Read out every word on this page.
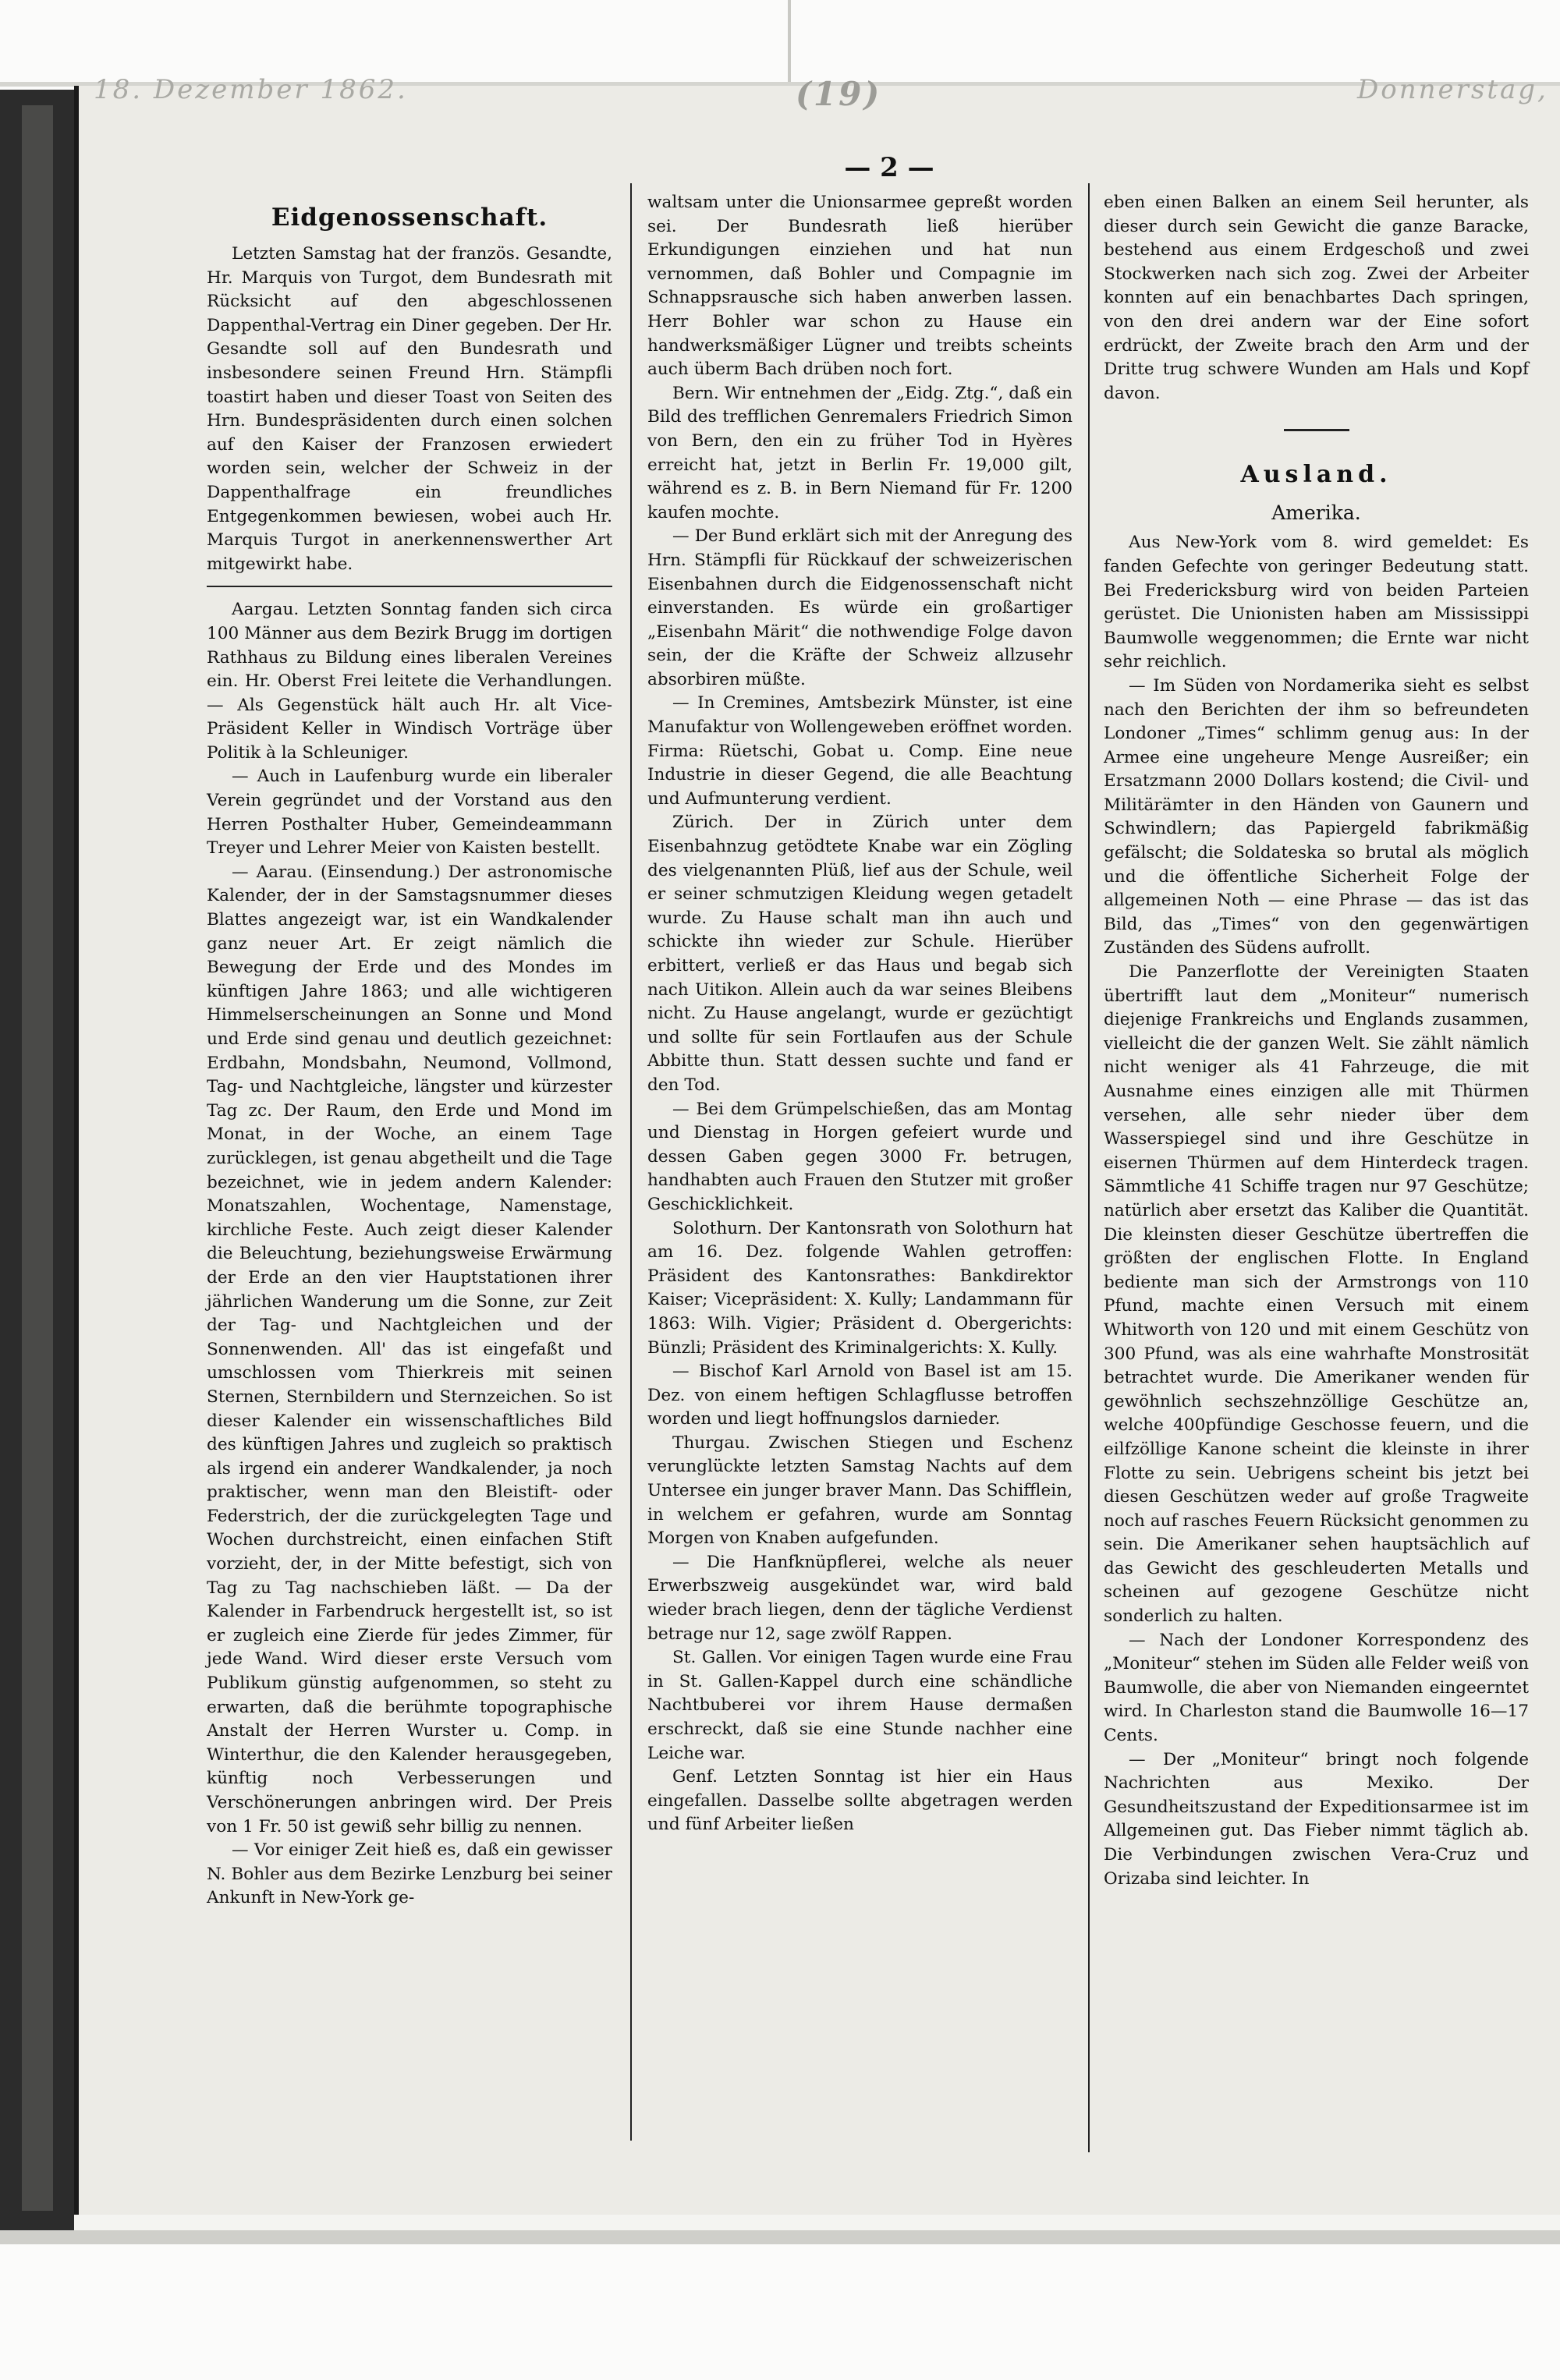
18. Dezember 1862.	(19)	Donnerstag,
— 2 —
Eidgenossenschaft.

Letzten Samstag hat der französ. Gesandte, Hr. Marquis von Turgot, dem Bundesrath mit Rücksicht auf den abgeschlossenen Dappenthal-Vertrag ein Diner gegeben. Der Hr. Gesandte soll auf den Bundesrath und insbesondere seinen Freund Hrn. Stämpfli toastirt haben und dieser Toast von Seiten des Hrn. Bundespräsidenten durch einen solchen auf den Kaiser der Franzosen erwiedert worden sein, welcher der Schweiz in der Dappenthalfrage ein freundliches Entgegenkommen bewiesen, wobei auch Hr. Marquis Turgot in anerkennenswerther Art mitgewirkt habe.

Aargau. Letzten Sonntag fanden sich circa 100 Männer aus dem Bezirk Brugg im dortigen Rathhaus zu Bildung eines liberalen Vereines ein. Hr. Oberst Frei leitete die Verhandlungen. — Als Gegenstück hält auch Hr. alt Vice-Präsident Keller in Windisch Vorträge über Politik à la Schleuniger.

— Auch in Laufenburg wurde ein liberaler Verein gegründet und der Vorstand aus den Herren Posthalter Huber, Gemeindeammann Treyer und Lehrer Meier von Kaisten bestellt.

— Aarau. (Einsendung.) Der astronomische Kalender, der in der Samstagsnummer dieses Blattes angezeigt war, ist ein Wandkalender ganz neuer Art. Er zeigt nämlich die Bewegung der Erde und des Mondes im künftigen Jahre 1863; und alle wichtigeren Himmelserscheinungen an Sonne und Mond und Erde sind genau und deutlich gezeichnet: Erdbahn, Mondsbahn, Neumond, Vollmond, Tag- und Nachtgleiche, längster und kürzester Tag zc. Der Raum, den Erde und Mond im Monat, in der Woche, an einem Tage zurücklegen, ist genau abgetheilt und die Tage bezeichnet, wie in jedem andern Kalender: Monatszahlen, Wochentage, Namenstage, kirchliche Feste. Auch zeigt dieser Kalender die Beleuchtung, beziehungsweise Erwärmung der Erde an den vier Hauptstationen ihrer jährlichen Wanderung um die Sonne, zur Zeit der Tag- und Nachtgleichen und der Sonnenwenden. All' das ist eingefaßt und umschlossen vom Thierkreis mit seinen Sternen, Sternbildern und Sternzeichen. So ist dieser Kalender ein wissenschaftliches Bild des künftigen Jahres und zugleich so praktisch als irgend ein anderer Wandkalender, ja noch praktischer, wenn man den Bleistift- oder Federstrich, der die zurückgelegten Tage und Wochen durchstreicht, einen einfachen Stift vorzieht, der, in der Mitte befestigt, sich von Tag zu Tag nachschieben läßt. — Da der Kalender in Farbendruck hergestellt ist, so ist er zugleich eine Zierde für jedes Zimmer, für jede Wand. Wird dieser erste Versuch vom Publikum günstig aufgenommen, so steht zu erwarten, daß die berühmte topographische Anstalt der Herren Wurster u. Comp. in Winterthur, die den Kalender herausgegeben, künftig noch Verbesserungen und Verschönerungen anbringen wird. Der Preis von 1 Fr. 50 ist gewiß sehr billig zu nennen.

— Vor einiger Zeit hieß es, daß ein gewisser N. Bohler aus dem Bezirke Lenzburg bei seiner Ankunft in New-York ge-

waltsam unter die Unionsarmee gepreßt worden sei. Der Bundesrath ließ hierüber Erkundigungen einziehen und hat nun vernommen, daß Bohler und Compagnie im Schnappsrausche sich haben anwerben lassen. Herr Bohler war schon zu Hause ein handwerksmäßiger Lügner und treibts scheints auch überm Bach drüben noch fort.

Bern. Wir entnehmen der „Eidg. Ztg.“, daß ein Bild des trefflichen Genremalers Friedrich Simon von Bern, den ein zu früher Tod in Hyères erreicht hat, jetzt in Berlin Fr. 19,000 gilt, während es z. B. in Bern Niemand für Fr. 1200 kaufen mochte.

— Der Bund erklärt sich mit der Anregung des Hrn. Stämpfli für Rückkauf der schweizerischen Eisenbahnen durch die Eidgenossenschaft nicht einverstanden. Es würde ein großartiger „Eisenbahn Märit“ die nothwendige Folge davon sein, der die Kräfte der Schweiz allzusehr absorbiren müßte.

— In Cremines, Amtsbezirk Münster, ist eine Manufaktur von Wollengeweben eröffnet worden. Firma: Rüetschi, Gobat u. Comp. Eine neue Industrie in dieser Gegend, die alle Beachtung und Aufmunterung verdient.

Zürich. Der in Zürich unter dem Eisenbahnzug getödtete Knabe war ein Zögling des vielgenannten Plüß, lief aus der Schule, weil er seiner schmutzigen Kleidung wegen getadelt wurde. Zu Hause schalt man ihn auch und schickte ihn wieder zur Schule. Hierüber erbittert, verließ er das Haus und begab sich nach Uitikon. Allein auch da war seines Bleibens nicht. Zu Hause angelangt, wurde er gezüchtigt und sollte für sein Fortlaufen aus der Schule Abbitte thun. Statt dessen suchte und fand er den Tod.

— Bei dem Grümpelschießen, das am Montag und Dienstag in Horgen gefeiert wurde und dessen Gaben gegen 3000 Fr. betrugen, handhabten auch Frauen den Stutzer mit großer Geschicklichkeit.

Solothurn. Der Kantonsrath von Solothurn hat am 16. Dez. folgende Wahlen getroffen: Präsident des Kantonsrathes: Bankdirektor Kaiser; Vicepräsident: X. Kully; Landammann für 1863: Wilh. Vigier; Präsident d. Obergerichts: Bünzli; Präsident des Kriminalgerichts: X. Kully.

— Bischof Karl Arnold von Basel ist am 15. Dez. von einem heftigen Schlagflusse betroffen worden und liegt hoffnungslos darnieder.

Thurgau. Zwischen Stiegen und Eschenz verunglückte letzten Samstag Nachts auf dem Untersee ein junger braver Mann. Das Schifflein, in welchem er gefahren, wurde am Sonntag Morgen von Knaben aufgefunden.

— Die Hanfknüpflerei, welche als neuer Erwerbszweig ausgekündet war, wird bald wieder brach liegen, denn der tägliche Verdienst betrage nur 12, sage zwölf Rappen.

St. Gallen. Vor einigen Tagen wurde eine Frau in St. Gallen-Kappel durch eine schändliche Nachtbuberei vor ihrem Hause dermaßen erschreckt, daß sie eine Stunde nachher eine Leiche war.

Genf. Letzten Sonntag ist hier ein Haus eingefallen. Dasselbe sollte abgetragen werden und fünf Arbeiter ließen

eben einen Balken an einem Seil herunter, als dieser durch sein Gewicht die ganze Baracke, bestehend aus einem Erdgeschoß und zwei Stockwerken nach sich zog. Zwei der Arbeiter konnten auf ein benachbartes Dach springen, von den drei andern war der Eine sofort erdrückt, der Zweite brach den Arm und der Dritte trug schwere Wunden am Hals und Kopf davon.

Ausland.
Amerika.

Aus New-York vom 8. wird gemeldet: Es fanden Gefechte von geringer Bedeutung statt. Bei Fredericksburg wird von beiden Parteien gerüstet. Die Unionisten haben am Mississippi Baumwolle weggenommen; die Ernte war nicht sehr reichlich.

— Im Süden von Nordamerika sieht es selbst nach den Berichten der ihm so befreundeten Londoner „Times“ schlimm genug aus: In der Armee eine ungeheure Menge Ausreißer; ein Ersatzmann 2000 Dollars kostend; die Civil- und Militärämter in den Händen von Gaunern und Schwindlern; das Papiergeld fabrikmäßig gefälscht; die Soldateska so brutal als möglich und die öffentliche Sicherheit Folge der allgemeinen Noth — eine Phrase — das ist das Bild, das „Times“ von den gegenwärtigen Zuständen des Südens aufrollt.

Die Panzerflotte der Vereinigten Staaten übertrifft laut dem „Moniteur“ numerisch diejenige Frankreichs und Englands zusammen, vielleicht die der ganzen Welt. Sie zählt nämlich nicht weniger als 41 Fahrzeuge, die mit Ausnahme eines einzigen alle mit Thürmen versehen, alle sehr nieder über dem Wasserspiegel sind und ihre Geschütze in eisernen Thürmen auf dem Hinterdeck tragen. Sämmtliche 41 Schiffe tragen nur 97 Geschütze; natürlich aber ersetzt das Kaliber die Quantität. Die kleinsten dieser Geschütze übertreffen die größten der englischen Flotte. In England bediente man sich der Armstrongs von 110 Pfund, machte einen Versuch mit einem Whitworth von 120 und mit einem Geschütz von 300 Pfund, was als eine wahrhafte Monstrosität betrachtet wurde. Die Amerikaner wenden für gewöhnlich sechszehnzöllige Geschütze an, welche 400pfündige Geschosse feuern, und die eilfzöllige Kanone scheint die kleinste in ihrer Flotte zu sein. Uebrigens scheint bis jetzt bei diesen Geschützen weder auf große Tragweite noch auf rasches Feuern Rücksicht genommen zu sein. Die Amerikaner sehen hauptsächlich auf das Gewicht des geschleuderten Metalls und scheinen auf gezogene Geschütze nicht sonderlich zu halten.

— Nach der Londoner Korrespondenz des „Moniteur“ stehen im Süden alle Felder weiß von Baumwolle, die aber von Niemanden eingeerntet wird. In Charleston stand die Baumwolle 16—17 Cents.

— Der „Moniteur“ bringt noch folgende Nachrichten aus Mexiko. Der Gesundheitszustand der Expeditionsarmee ist im Allgemeinen gut. Das Fieber nimmt täglich ab. Die Verbindungen zwischen Vera-Cruz und Orizaba sind leichter. In
